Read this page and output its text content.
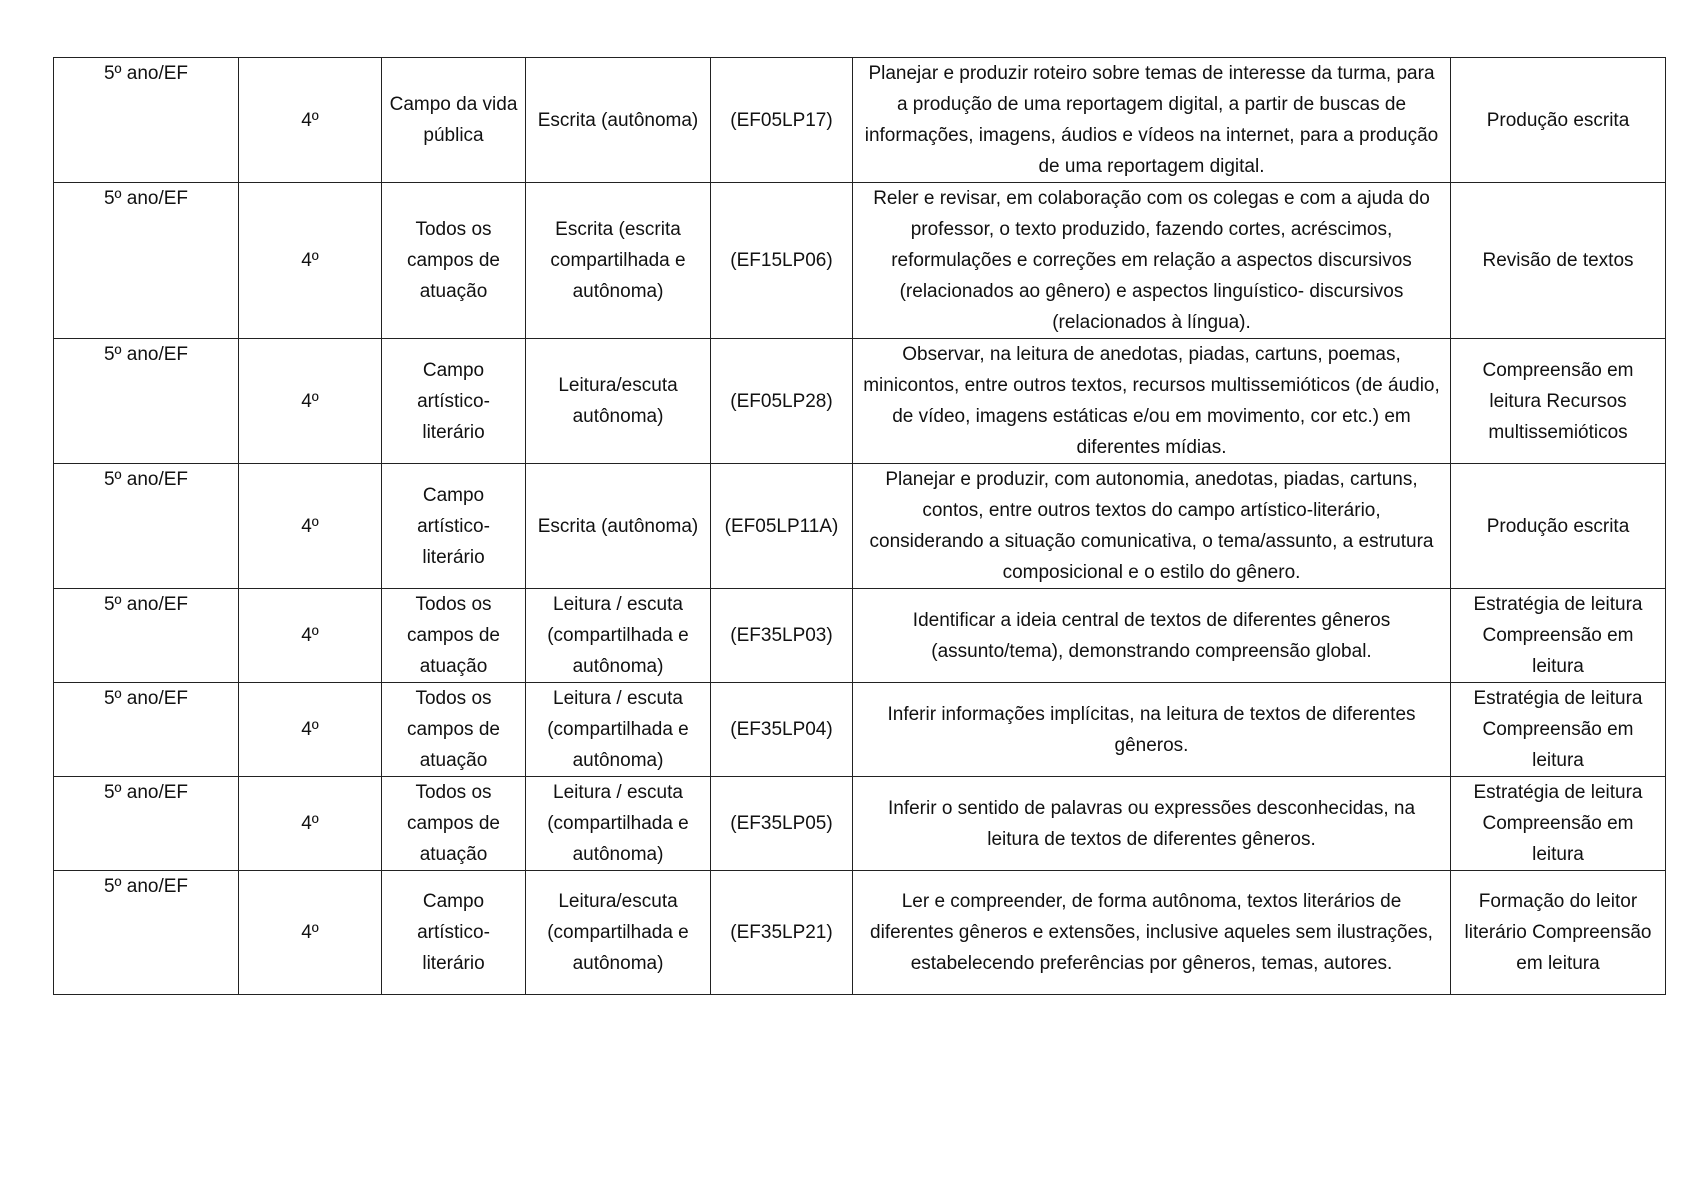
5º ano/EF	4º	Campo da vida pública	Escrita (autônoma)	(EF05LP17)	Planejar e produzir roteiro sobre temas de interesse da turma, para a produção de uma reportagem digital, a partir de buscas de informações, imagens, áudios e vídeos na internet, para a produção de uma reportagem digital.	Produção escrita
5º ano/EF	4º	Todos os campos de atuação	Escrita (escrita compartilhada e autônoma)	(EF15LP06)	Reler e revisar, em colaboração com os colegas e com a ajuda do professor, o texto produzido, fazendo cortes, acréscimos, reformulações e correções em relação a aspectos discursivos (relacionados ao gênero) e aspectos linguístico- discursivos (relacionados à língua).	Revisão de textos
5º ano/EF	4º	Campo artístico-literário	Leitura/escuta autônoma)	(EF05LP28)	Observar, na leitura de anedotas, piadas, cartuns, poemas, minicontos, entre outros textos, recursos multissemióticos (de áudio, de vídeo, imagens estáticas e/ou em movimento, cor etc.) em diferentes mídias.	Compreensão em leitura Recursos multissemióticos
5º ano/EF	4º	Campo artístico-literário	Escrita (autônoma)	(EF05LP11A)	Planejar e produzir, com autonomia, anedotas, piadas, cartuns, contos, entre outros textos do campo artístico-literário, considerando a situação comunicativa, o tema/assunto, a estrutura composicional e o estilo do gênero.	Produção escrita
5º ano/EF	4º	Todos os campos de atuação	Leitura / escuta (compartilhada e autônoma)	(EF35LP03)	Identificar a ideia central de textos de diferentes gêneros (assunto/tema), demonstrando compreensão global.	Estratégia de leitura Compreensão em leitura
5º ano/EF	4º	Todos os campos de atuação	Leitura / escuta (compartilhada e autônoma)	(EF35LP04)	Inferir informações implícitas, na leitura de textos de diferentes gêneros.	Estratégia de leitura Compreensão em leitura
5º ano/EF	4º	Todos os campos de atuação	Leitura / escuta (compartilhada e autônoma)	(EF35LP05)	Inferir o sentido de palavras ou expressões desconhecidas, na leitura de textos de diferentes gêneros.	Estratégia de leitura Compreensão em leitura
5º ano/EF	4º	Campo artístico-literário	Leitura/escuta (compartilhada e autônoma)	(EF35LP21)	Ler e compreender, de forma autônoma, textos literários de diferentes gêneros e extensões, inclusive aqueles sem ilustrações, estabelecendo preferências por gêneros, temas, autores.	Formação do leitor literário Compreensão em leitura
